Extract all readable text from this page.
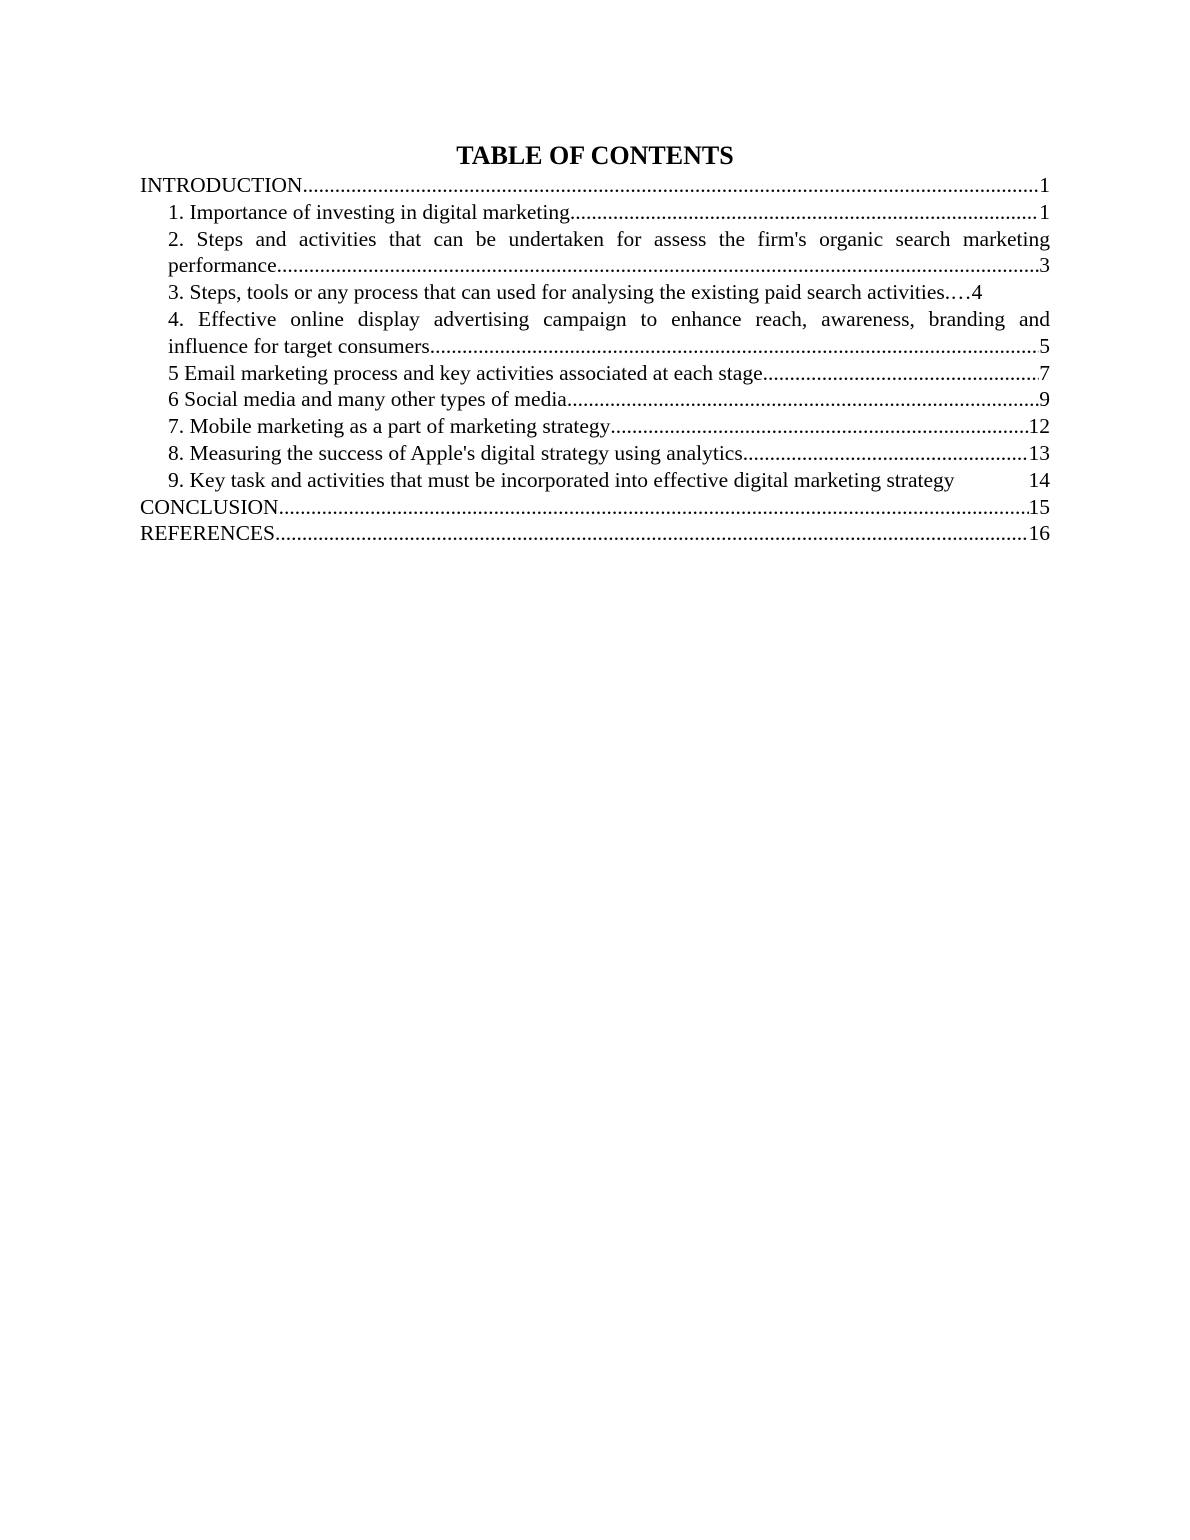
TABLE OF CONTENTS
INTRODUCTION .....	1
1. Importance of investing in digital marketing .....	1
2. Steps and activities that can be undertaken for assess the firm's organic search marketing
performance .....	3
3. Steps, tools or any process that can used for analysing the existing paid search activities. … 4
4. Effective online display advertising campaign to enhance reach, awareness, branding and
influence for target consumers .....	5
5 Email marketing process and key activities associated at each stage .....	7
6 Social media and many other types of media .....	9
7. Mobile marketing as a part of marketing strategy .....	12
8. Measuring the success of Apple's digital strategy using analytics .....	13
9. Key task and activities that must be incorporated into effective digital marketing strategy	14
CONCLUSION .....	15
REFERENCES .....	16
